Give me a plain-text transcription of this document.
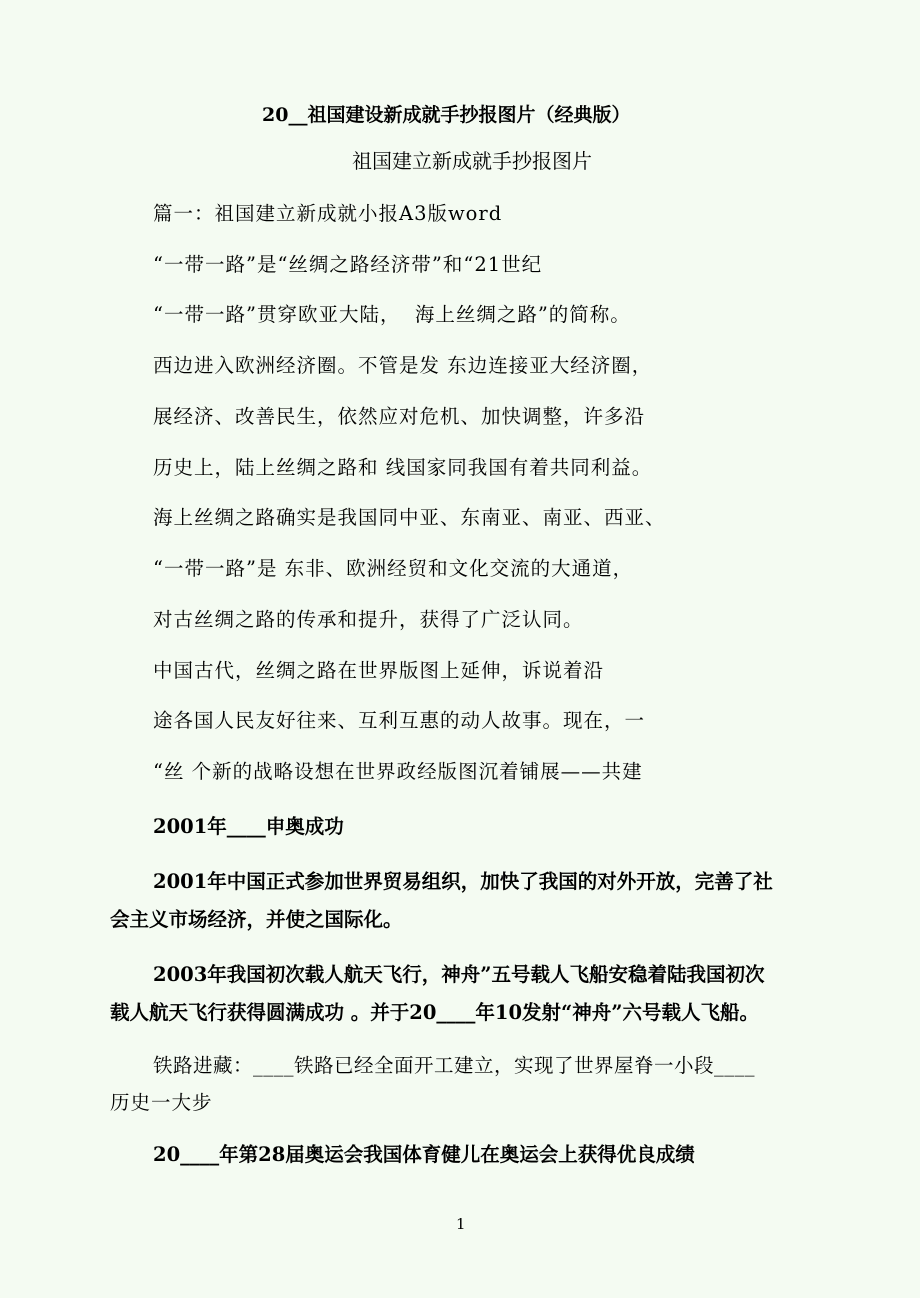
20__祖国建设新成就手抄报图片（经典版）
祖国建立新成就手抄报图片
篇一：祖国建立新成就小报A3版word
“一带一路”是“丝绸之路经济带”和“21世纪
“一带一路”贯穿欧亚大陆，  海上丝绸之路”的简称。
西边进入欧洲经济圈。不管是发 东边连接亚大经济圈，
展经济、改善民生，依然应对危机、加快调整，许多沿
历史上，陆上丝绸之路和 线国家同我国有着共同利益。
海上丝绸之路确实是我国同中亚、东南亚、南亚、西亚、
“一带一路”是 东非、欧洲经贸和文化交流的大通道，
对古丝绸之路的传承和提升，获得了广泛认同。
中国古代，丝绸之路在世界版图上延伸，诉说着沿
途各国人民友好往来、互利互惠的动人故事。现在，一
“丝 个新的战略设想在世界政经版图沉着铺展——共建
2001年____申奥成功
2001年中国正式参加世界贸易组织，加快了我国的对外开放，完善了社
会主义市场经济，并使之国际化。
2003年我国初次载人航天飞行，神舟”五号载人飞船安稳着陆我国初次
载人航天飞行获得圆满成功 。并于20____年10发射“神舟”六号载人飞船。
铁路进藏：____铁路已经全面开工建立，实现了世界屋脊一小段____
历史一大步
20____年第28届奥运会我国体育健儿在奥运会上获得优良成绩
1
